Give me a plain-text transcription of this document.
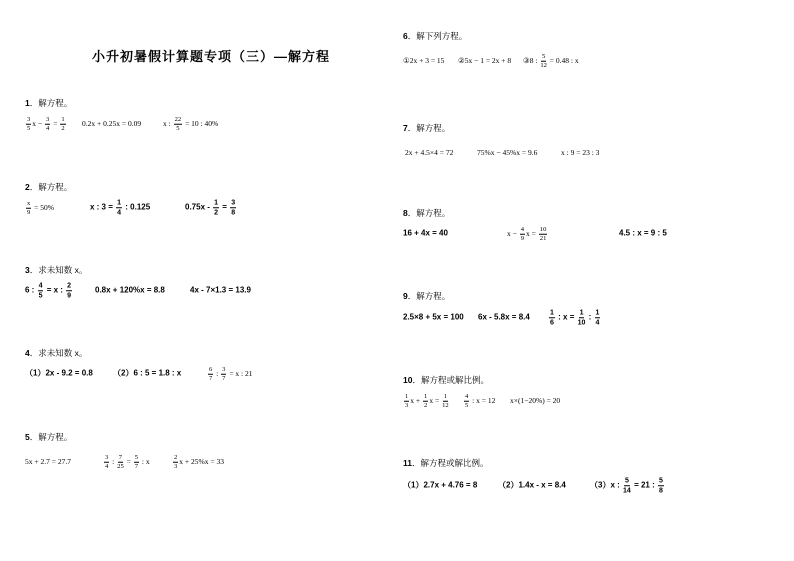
小升初暑假计算题专项（三）—解方程
1．解方程。
$\frac{3}{5}$ $x - \frac{3}{4} = \frac{1}{2} 0.2x + 0.25x = 0.09$	x : $\frac{22}{5} = 10$ : 40%
2．解方程。
$\frac{x}{9} = 50\%$	x : $3 = \frac{1}{4}$ : 0.125	$0.75x - \frac{1}{2} = \frac{3}{8}$
3．求未知数 x。
6 : $\frac{4}{5} = x$ : $\frac{2}{9}$	0.8x + 120%x = 8.8	4x - 7×1.3 = 13.9
4．求未知数 x。
（1）2x - 9.2 = 0.8	（2）6 : 5 = 1.8 : x	$\frac{6}{7}$ : $\frac{3}{7} = x$ : 21
5．解方程。
5x + 2.7 = 27.7	$\frac{3}{4}$ : $\frac{7}{25} = \frac{5}{7}$ : x	$\frac{2}{3}$ x + 25%x = 33
6．解下列方程。
①2x + 3 = 15 ②5x − 1 = 2x + 8 ③8 : $\frac{5}{12} = 0.48$ : x
7．解方程。
2x + 4.5×4 = 72	75%x − 45%x = 9.6	x : 9 = 23 : 3
8．解方程。
16 + 4x = 40	$x - \frac{4}{9}$ $x = \frac{10}{21}$	4.5 : x = 9 : 5
9．解方程。
2.5×8 + 5x = 100 6x - 5.8x = 8.4	$\frac{1}{6}$ : $x = \frac{1}{10}$ : $\frac{1}{4}$
10．解方程或解比例。
$\frac{1}{3}$ $x + \frac{1}{2}$ $x = \frac{1}{12} \frac{4}{5}$ : x = 12 x×(1−20%) = 20
11．解方程或解比例。
（1）2.7x + 4.76 = 8	（2）1.4x - x = 8.4	（3）x : $\frac{5}{14} = 21$ : $\frac{5}{8}$
